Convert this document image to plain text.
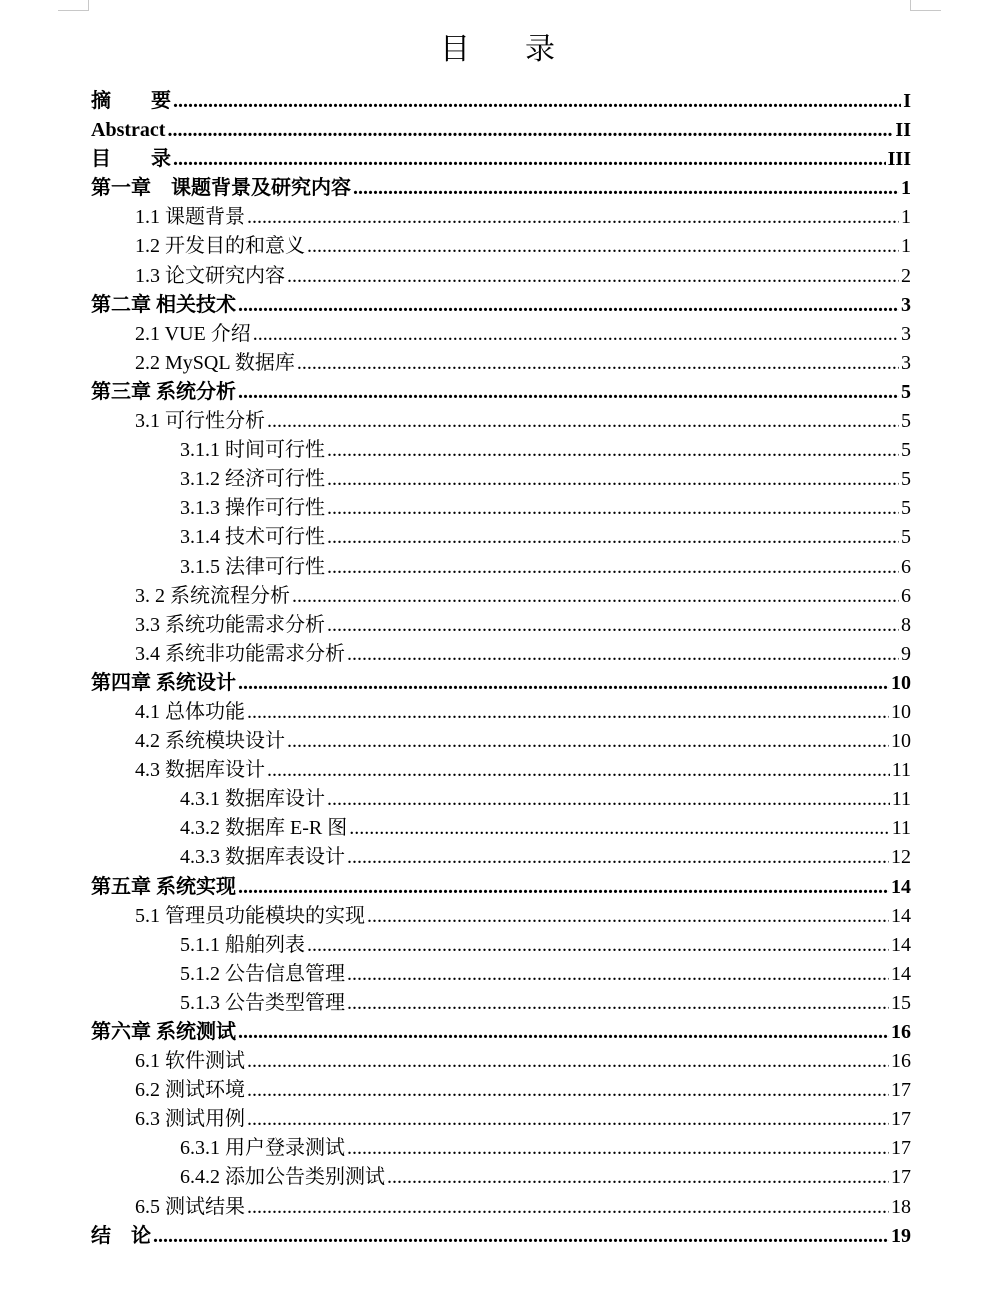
目 录
摘　　要 .....	I
Abstract .....	II
目　　录 .....	III
第一章　课题背景及研究内容 .....	1
1.1 课题背景 .....	1
1.2 开发目的和意义 .....	1
1.3 论文研究内容 .....	2
第二章 相关技术 .....	3
2.1 VUE 介绍 .....	3
2.2 MySQL 数据库 .....	3
第三章 系统分析 .....	5
3.1 可行性分析 .....	5
3.1.1 时间可行性 .....	5
3.1.2 经济可行性 .....	5
3.1.3 操作可行性 .....	5
3.1.4 技术可行性 .....	5
3.1.5 法律可行性 .....	6
3. 2 系统流程分析 .....	6
3.3 系统功能需求分析 .....	8
3.4 系统非功能需求分析 .....	9
第四章 系统设计 .....	10
4.1 总体功能 .....	10
4.2 系统模块设计 .....	10
4.3 数据库设计 .....	11
4.3.1 数据库设计 .....	11
4.3.2 数据库 E-R 图 .....	11
4.3.3 数据库表设计 .....	12
第五章 系统实现 .....	14
5.1 管理员功能模块的实现 .....	14
5.1.1 船舶列表 .....	14
5.1.2 公告信息管理 .....	14
5.1.3 公告类型管理 .....	15
第六章 系统测试 .....	16
6.1 软件测试 .....	16
6.2 测试环境 .....	17
6.3 测试用例 .....	17
6.3.1 用户登录测试 .....	17
6.4.2 添加公告类别测试 .....	17
6.5 测试结果 .....	18
结　论 .....	19
